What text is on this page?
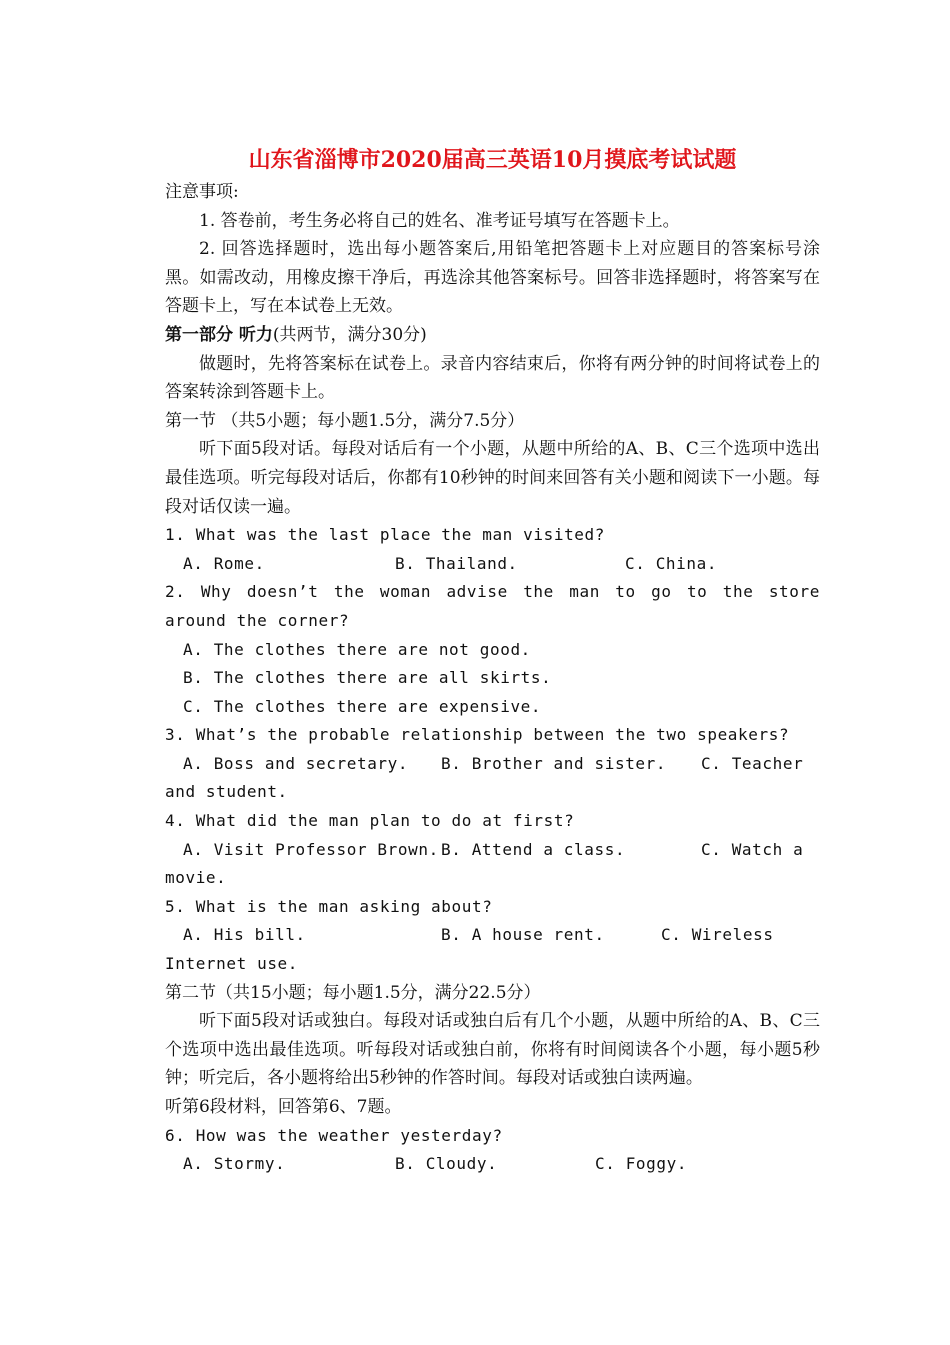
山东省淄博市2020届高三英语10月摸底考试试题

注意事项:

1. 答卷前，考生务必将自己的姓名、准考证号填写在答题卡上。

2. 回答选择题时，选出每小题答案后,用铅笔把答题卡上对应题目的答案标号涂黑。如需改动，用橡皮擦干净后，再选涂其他答案标号。回答非选择题时，将答案写在答题卡上，写在本试卷上无效。

第一部分 听力(共两节，满分30分)

做题时，先将答案标在试卷上。录音内容结束后，你将有两分钟的时间将试卷上的答案转涂到答题卡上。

第一节 （共5小题；每小题1.5分，满分7.5分）

听下面5段对话。每段对话后有一个小题，从题中所给的A、B、C三个选项中选出最佳选项。听完每段对话后，你都有10秒钟的时间来回答有关小题和阅读下一小题。每段对话仅读一遍。

1. What was the last place the man visited?

A. Rome.	B. Thailand.	C. China.

2. Why doesn’t the woman advise the man to go to the store around the corner?

A. The clothes there are not good.

B. The clothes there are all skirts.

C. The clothes there are expensive.

3. What’s the probable relationship between the two speakers?

A. Boss and secretary. B. Brother and sister. C. Teacher and student.

4. What did the man plan to do at first?

A. Visit Professor Brown. B. Attend a class.	C. Watch a movie.

5. What is the man asking about?

A. His bill.	B. A house rent.	C. Wireless Internet use.

第二节（共15小题；每小题1.5分，满分22.5分）

听下面5段对话或独白。每段对话或独白后有几个小题，从题中所给的A、B、C三个选项中选出最佳选项。听每段对话或独白前，你将有时间阅读各个小题，每小题5秒钟；听完后，各小题将给出5秒钟的作答时间。每段对话或独白读两遍。

听第6段材料，回答第6、7题。

6. How was the weather yesterday?

A. Stormy.	B. Cloudy.	C. Foggy.
